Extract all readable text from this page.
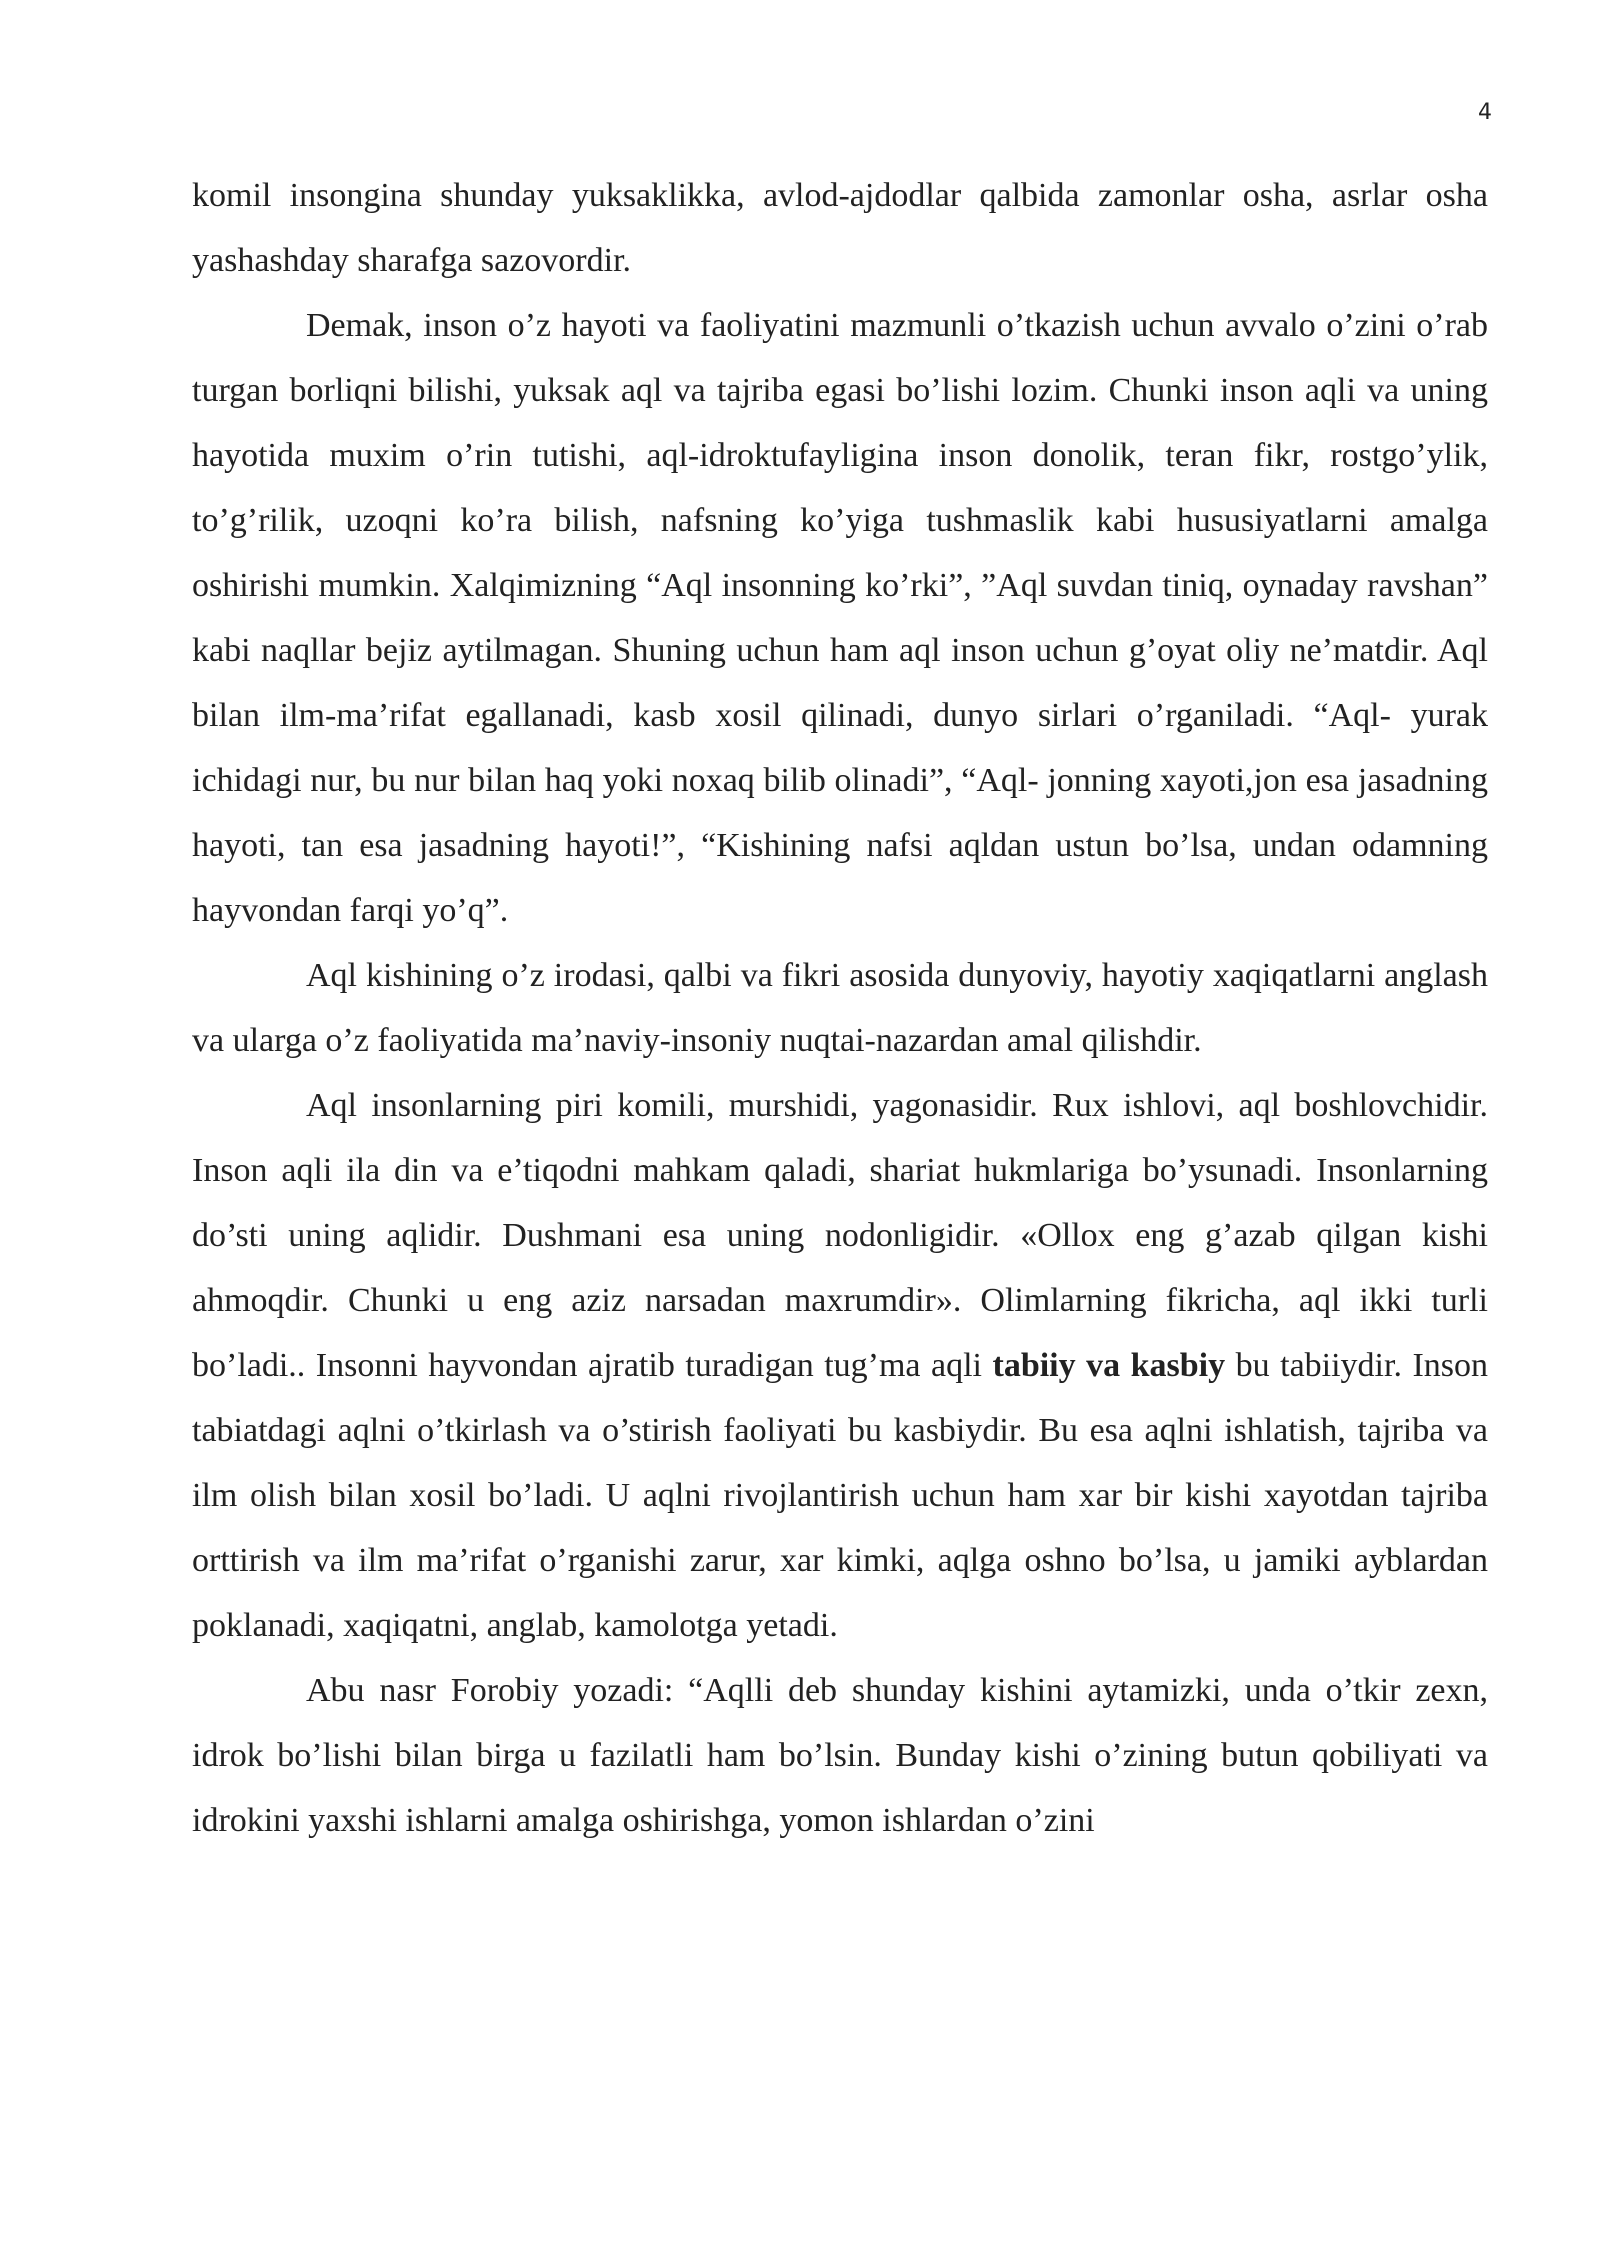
4

komil insongina shunday yuksaklikka, avlod-ajdodlar qalbida zamonlar osha, asrlar osha yashashday sharafga sazovordir.

Demak, inson o’z hayoti va faoliyatini mazmunli o’tkazish uchun avvalo o’zini o’rab turgan borliqni bilishi, yuksak aql va tajriba egasi bo’lishi lozim. Chunki inson aqli va uning hayotida muxim o’rin tutishi, aql-idroktufayligina inson donolik, teran fikr, rostgo’ylik, to’g’rilik, uzoqni ko’ra bilish, nafsning ko’yiga tushmaslik kabi hususiyatlarni amalga oshirishi mumkin. Xalqimizning “Aql insonning ko’rki”, ”Aql suvdan tiniq, oynaday ravshan” kabi naqllar bejiz aytilmagan. Shuning uchun ham aql inson uchun g’oyat oliy ne’matdir. Aql bilan ilm-ma’rifat egallanadi, kasb xosil qilinadi, dunyo sirlari o’rganiladi. “Aql- yurak ichidagi nur, bu nur bilan haq yoki noxaq bilib olinadi”, “Aql- jonning xayoti,jon esa jasadning hayoti, tan esa jasadning hayoti!”, “Kishining nafsi aqldan ustun bo’lsa, undan odamning hayvondan farqi yo’q”.

Aql kishining o’z irodasi, qalbi va fikri asosida dunyoviy, hayotiy xaqiqatlarni anglash va ularga o’z faoliyatida ma’naviy-insoniy nuqtai-nazardan amal qilishdir.

Aql insonlarning piri komili, murshidi, yagonasidir. Rux ishlovi, aql boshlovchidir. Inson aqli ila din va e’tiqodni mahkam qaladi, shariat hukmlariga bo’ysunadi. Insonlarning do’sti uning aqlidir. Dushmani esa uning nodonligidir. «Ollox eng g’azab qilgan kishi ahmoqdir. Chunki u eng aziz narsadan maxrumdir». Olimlarning fikricha, aql ikki turli bo’ladi.. Insonni hayvondan ajratib turadigan tug’ma aqli tabiiy va kasbiy bu tabiiydir. Inson tabiatdagi aqlni o’tkirlash va o’stirish faoliyati bu kasbiydir. Bu esa aqlni ishlatish, tajriba va ilm olish bilan xosil bo’ladi. U aqlni rivojlantirish uchun ham xar bir kishi xayotdan tajriba orttirish va ilm ma’rifat o’rganishi zarur, xar kimki, aqlga oshno bo’lsa, u jamiki ayblardan poklanadi, xaqiqatni, anglab, kamolotga yetadi.

Abu nasr Forobiy yozadi: “Aqlli deb shunday kishini aytamizki, unda o’tkir zexn, idrok bo’lishi bilan birga u fazilatli ham bo’lsin. Bunday kishi o’zining butun qobiliyati va idrokini yaxshi ishlarni amalga oshirishga, yomon ishlardan o’zini
